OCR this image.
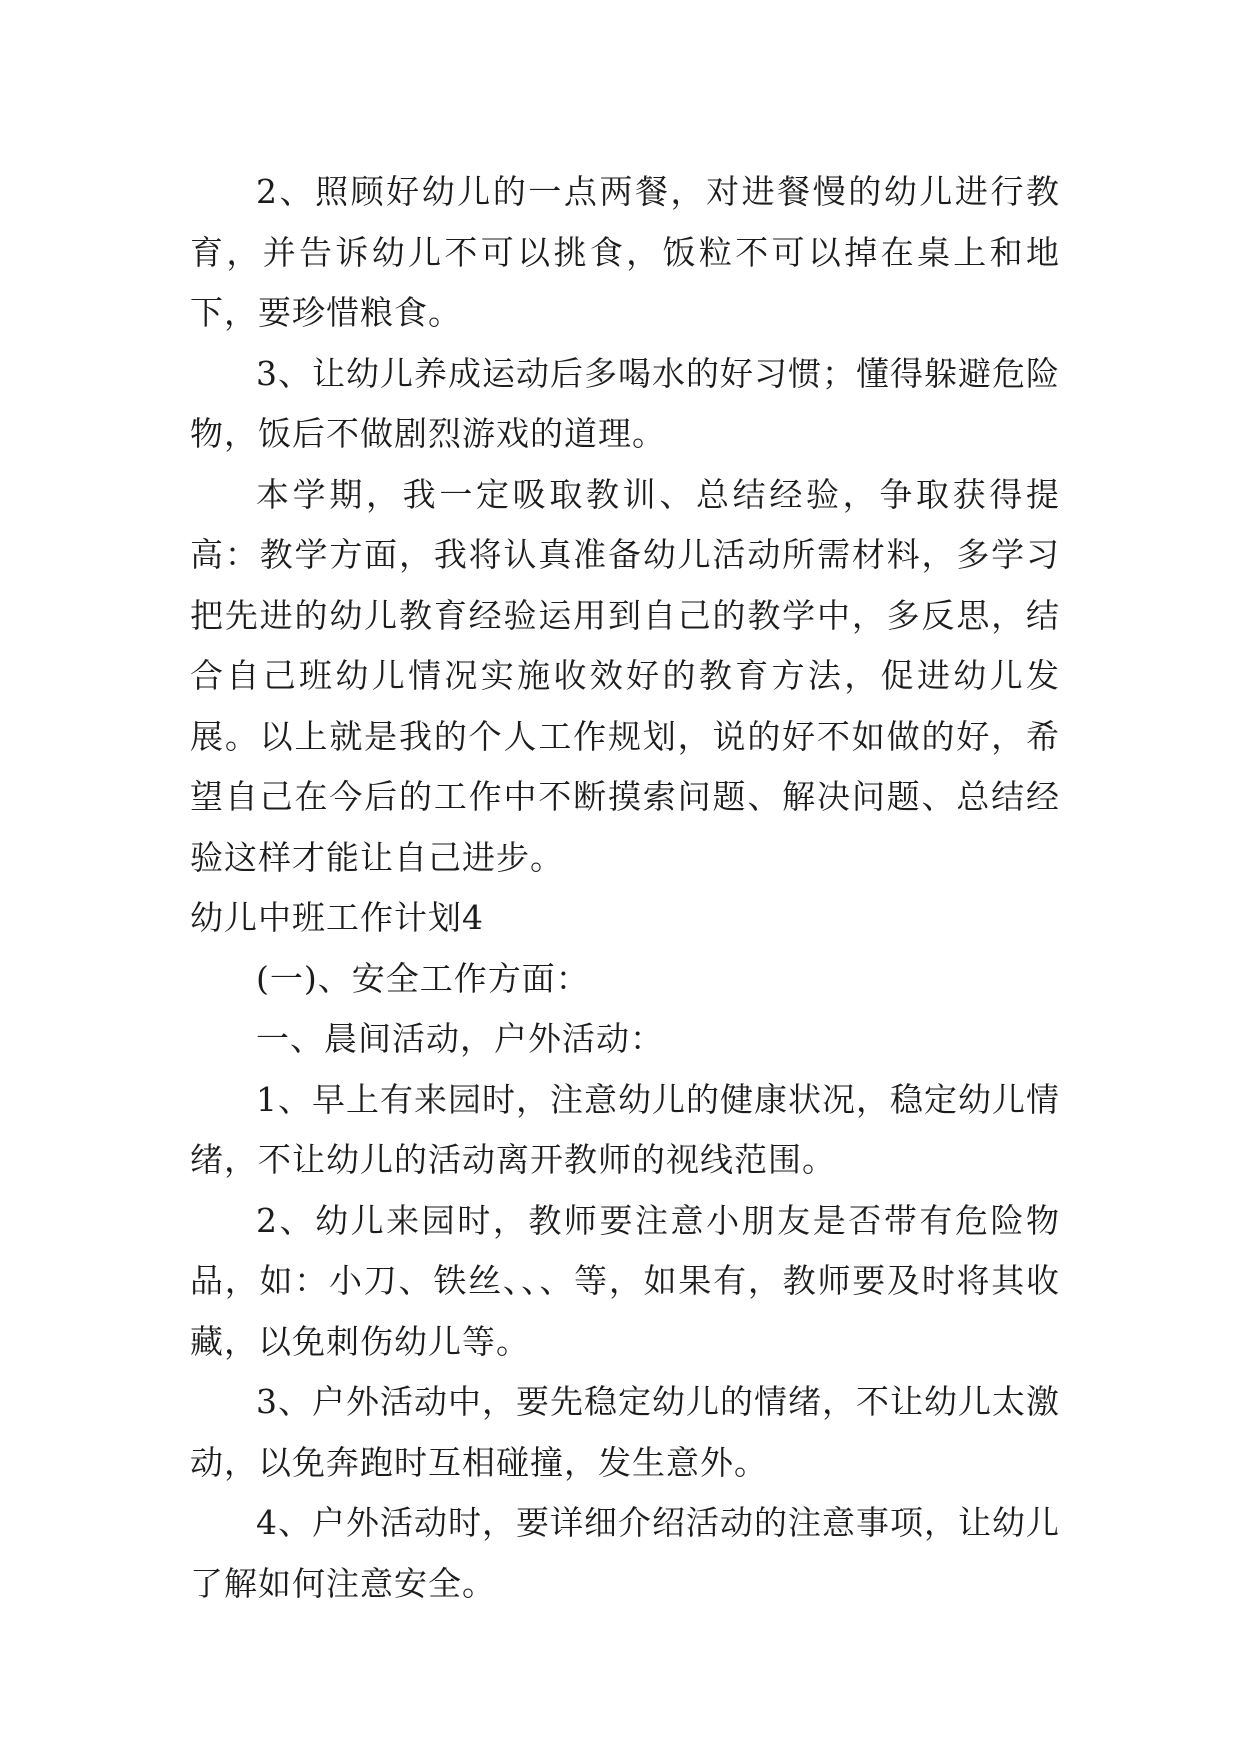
2、照顾好幼儿的一点两餐，对进餐慢的幼儿进行教育，并告诉幼儿不可以挑食，饭粒不可以掉在桌上和地下，要珍惜粮食。

3、让幼儿养成运动后多喝水的好习惯；懂得躲避危险物，饭后不做剧烈游戏的道理。

本学期，我一定吸取教训、总结经验，争取获得提高：教学方面，我将认真准备幼儿活动所需材料，多学习把先进的幼儿教育经验运用到自己的教学中，多反思，结合自己班幼儿情况实施收效好的教育方法，促进幼儿发展。以上就是我的个人工作规划，说的好不如做的好，希望自己在今后的工作中不断摸索问题、解决问题、总结经验这样才能让自己进步。

幼儿中班工作计划4

(一)、安全工作方面：

一、晨间活动，户外活动：

1、早上有来园时，注意幼儿的健康状况，稳定幼儿情绪，不让幼儿的活动离开教师的视线范围。

2、幼儿来园时，教师要注意小朋友是否带有危险物品，如：小刀、铁丝、、、等，如果有，教师要及时将其收藏，以免刺伤幼儿等。

3、户外活动中，要先稳定幼儿的情绪，不让幼儿太激动，以免奔跑时互相碰撞，发生意外。

4、户外活动时，要详细介绍活动的注意事项，让幼儿了解如何注意安全。
